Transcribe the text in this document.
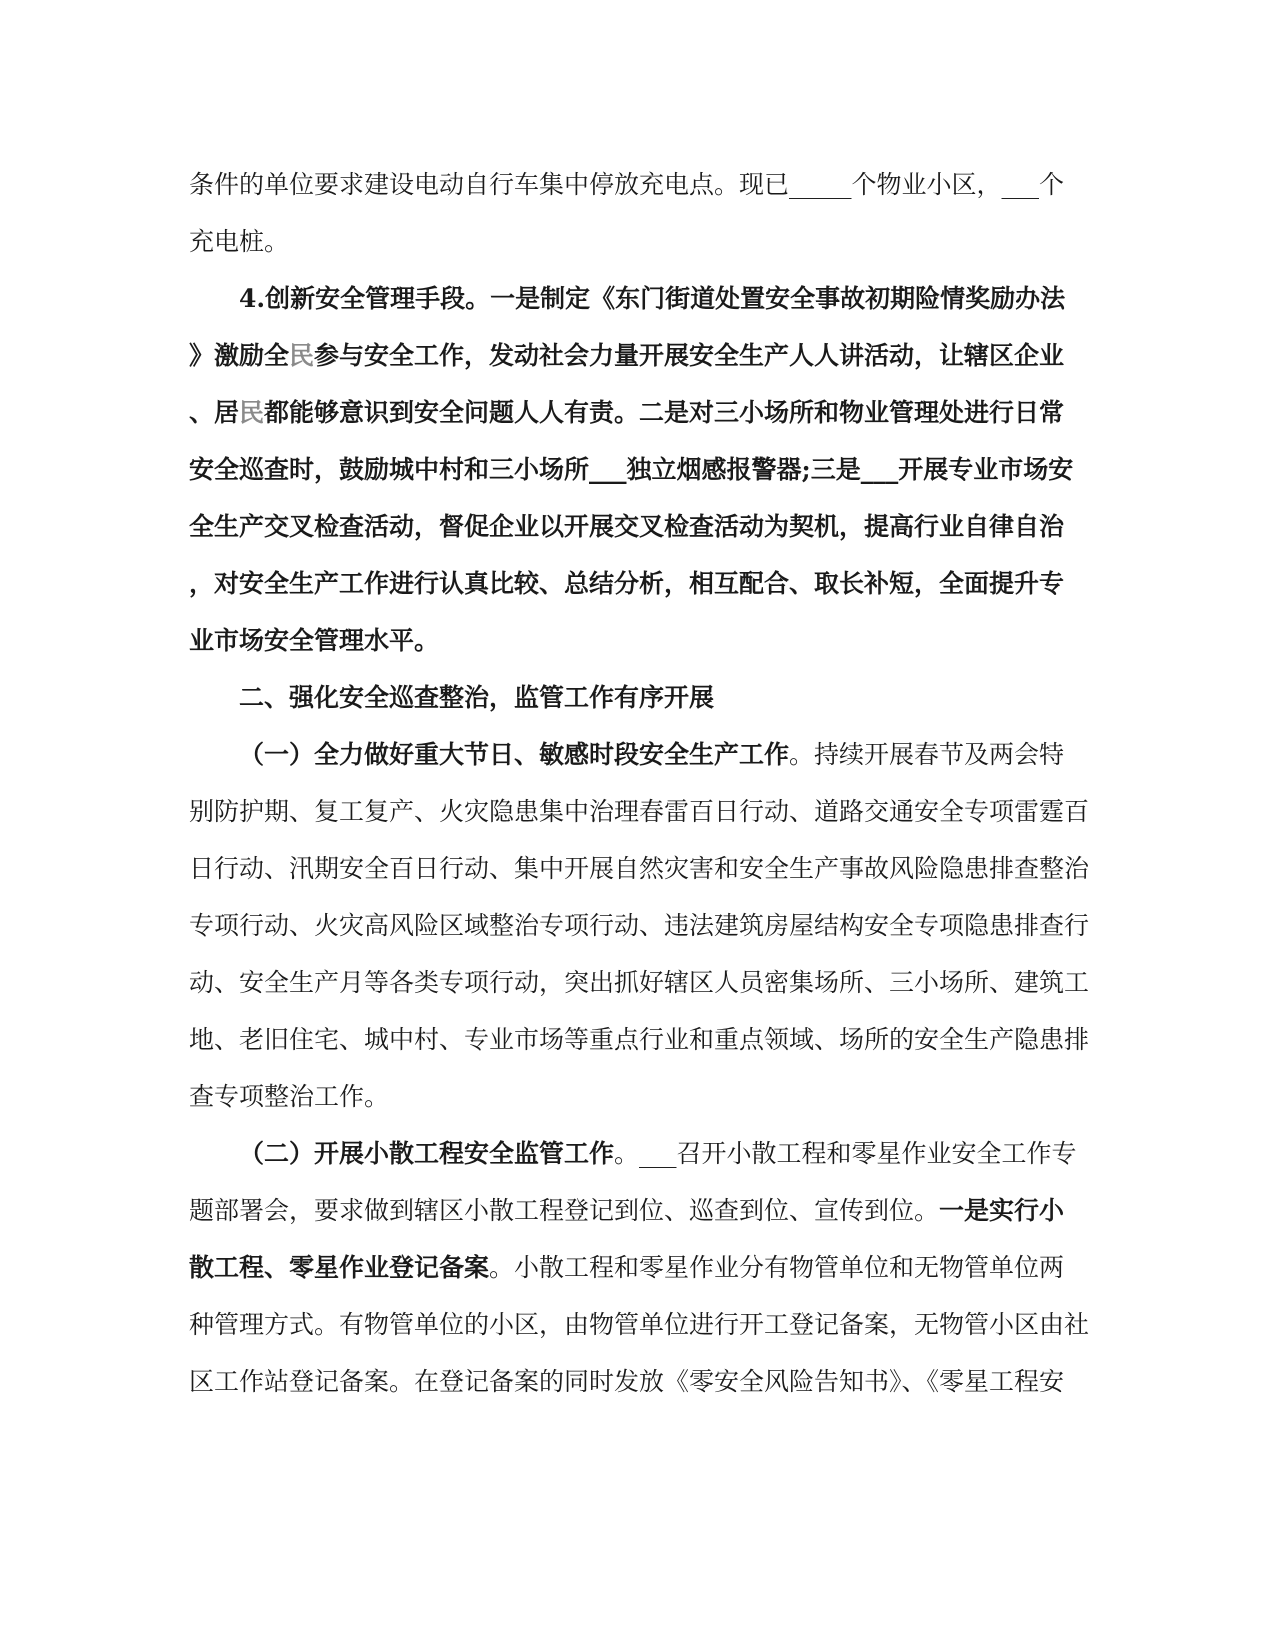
条件的单位要求建设电动自行车集中停放充电点。现已_____个物业小区，___个
充电桩。
4.创新安全管理手段。一是制定《东门街道处置安全事故初期险情奖励办法
》激励全民参与安全工作，发动社会力量开展安全生产人人讲活动，让辖区企业
、居民都能够意识到安全问题人人有责。二是对三小场所和物业管理处进行日常
安全巡查时，鼓励城中村和三小场所___独立烟感报警器;三是___开展专业市场安
全生产交叉检查活动，督促企业以开展交叉检查活动为契机，提高行业自律自治
，对安全生产工作进行认真比较、总结分析，相互配合、取长补短，全面提升专
业市场安全管理水平。
二、强化安全巡查整治，监管工作有序开展
（一）全力做好重大节日、敏感时段安全生产工作。持续开展春节及两会特
别防护期、复工复产、火灾隐患集中治理春雷百日行动、道路交通安全专项雷霆百
日行动、汛期安全百日行动、集中开展自然灾害和安全生产事故风险隐患排查整治
专项行动、火灾高风险区域整治专项行动、违法建筑房屋结构安全专项隐患排查行
动、安全生产月等各类专项行动，突出抓好辖区人员密集场所、三小场所、建筑工
地、老旧住宅、城中村、专业市场等重点行业和重点领域、场所的安全生产隐患排
查专项整治工作。
（二）开展小散工程安全监管工作。___召开小散工程和零星作业安全工作专
题部署会，要求做到辖区小散工程登记到位、巡查到位、宣传到位。一是实行小
散工程、零星作业登记备案。小散工程和零星作业分有物管单位和无物管单位两
种管理方式。有物管单位的小区，由物管单位进行开工登记备案，无物管小区由社
区工作站登记备案。在登记备案的同时发放《零安全风险告知书》、《零星工程安
